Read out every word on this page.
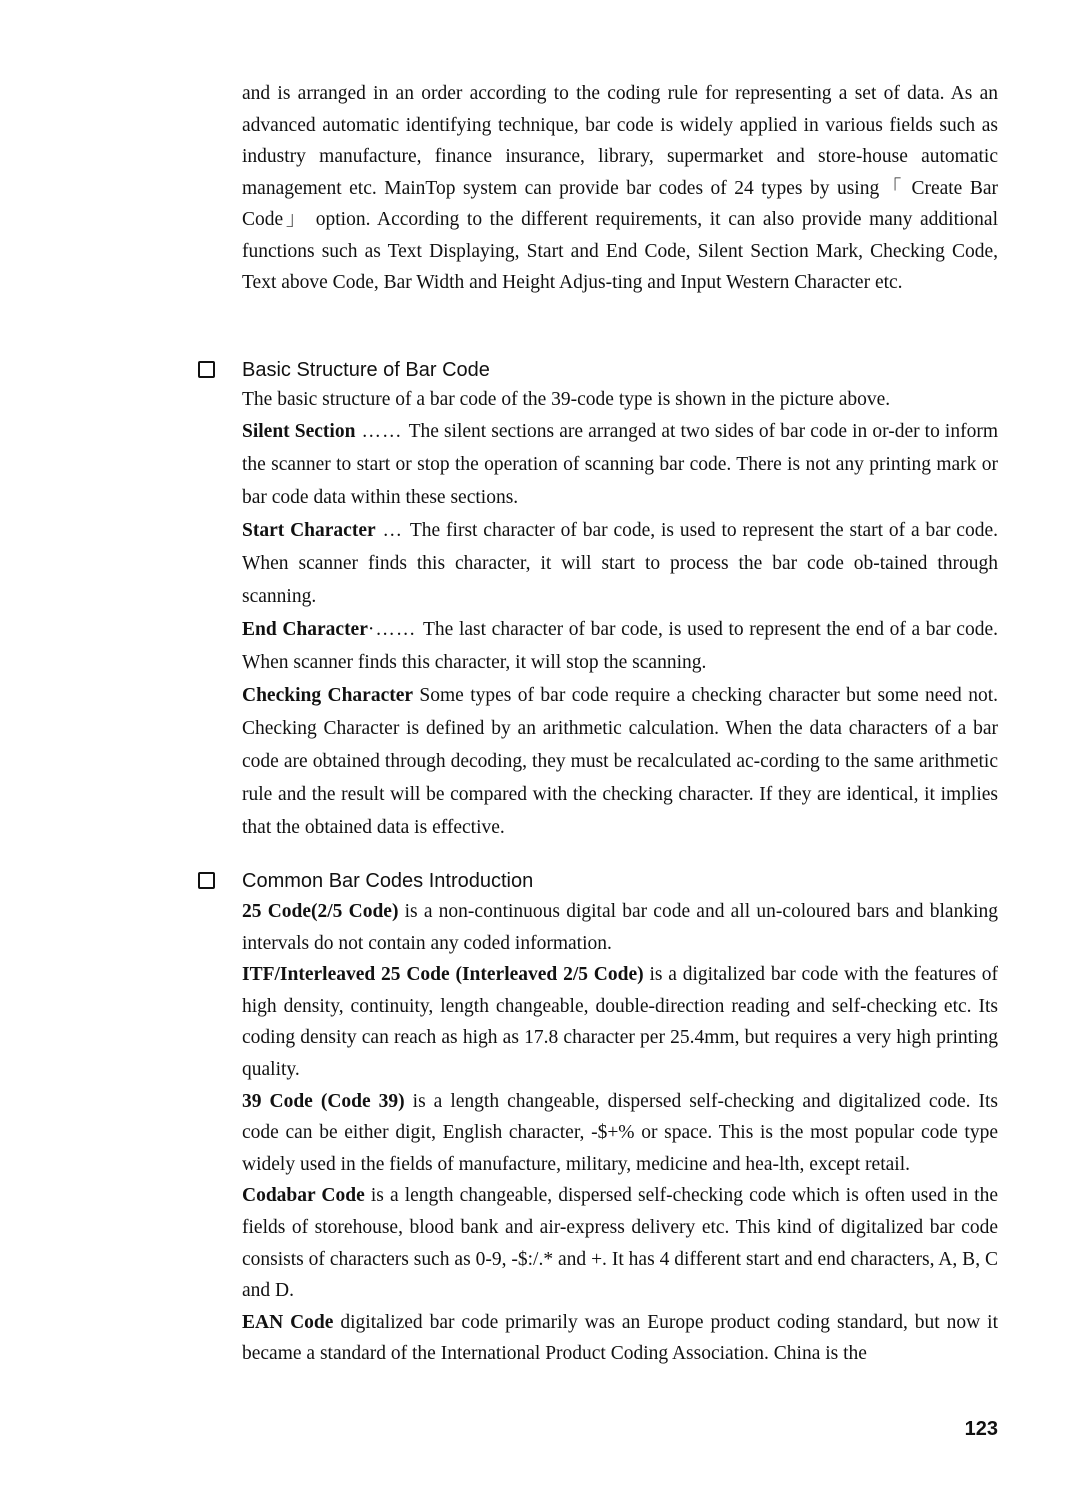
and is arranged in an order according to the coding rule for representing a set of data. As an advanced automatic identifying technique, bar code is widely applied in various fields such as industry manufacture, finance insurance, library, supermarket and store-house automatic management etc. MainTop system can provide bar codes of 24 types by using「 Create Bar Code」 option. According to the different requirements, it can also provide many additional functions such as Text Displaying, Start and End Code, Silent Section Mark, Checking Code, Text above Code, Bar Width and Height Adjus-ting and Input Western Character etc.

Basic Structure of Bar Code

The basic structure of a bar code of the 39-code type is shown in the picture above.

Silent Section …… The silent sections are arranged at two sides of bar code in or-der to inform the scanner to start or stop the operation of scanning bar code. There is not any printing mark or bar code data within these sections.

Start Character … The first character of bar code, is used to represent the start of a bar code. When scanner finds this character, it will start to process the bar code ob-tained through scanning.

End Character·…… The last character of bar code, is used to represent the end of a bar code. When scanner finds this character, it will stop the scanning.

Checking Character Some types of bar code require a checking character but some need not. Checking Character is defined by an arithmetic calculation. When the data characters of a bar code are obtained through decoding, they must be recalculated ac-cording to the same arithmetic rule and the result will be compared with the checking character. If they are identical, it implies that the obtained data is effective.

Common Bar Codes Introduction

25 Code(2/5 Code) is a non-continuous digital bar code and all un-coloured bars and blanking intervals do not contain any coded information.

ITF/Interleaved 25 Code (Interleaved 2/5 Code) is a digitalized bar code with the features of high density, continuity, length changeable, double-direction reading and self-checking etc. Its coding density can reach as high as 17.8 character per 25.4mm, but requires a very high printing quality.

39 Code (Code 39) is a length changeable, dispersed self-checking and digitalized code. Its code can be either digit, English character, -$+% or space. This is the most popular code type widely used in the fields of manufacture, military, medicine and hea-lth, except retail.

Codabar Code is a length changeable, dispersed self-checking code which is often used in the fields of storehouse, blood bank and air-express delivery etc. This kind of digitalized bar code consists of characters such as 0-9, -$:/.* and +. It has 4 different start and end characters, A, B, C and D.

EAN Code digitalized bar code primarily was an Europe product coding standard, but now it became a standard of the International Product Coding Association. China is the

123
